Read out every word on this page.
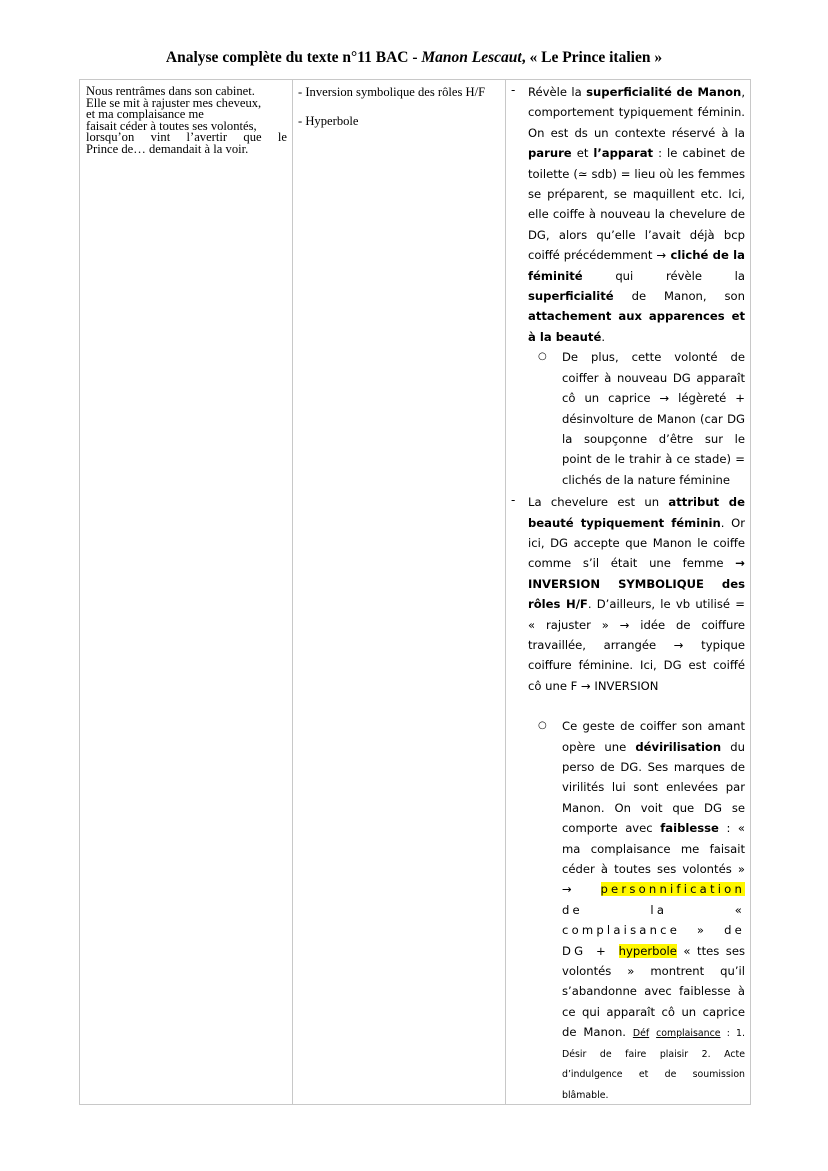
Analyse complète du texte n°11 BAC - Manon Lescaut, « Le Prince italien »
Nous rentrâmes dans son cabinet.
Elle se mit à rajuster mes cheveux,
et ma complaisance me
faisait céder à toutes ses volontés,
lorsqu’on vint l’avertir que le
Prince de… demandait à la voir.

- Inversion symbolique des rôles H/F
- Hyperbole

- Révèle la superficialité de Manon, comportement typiquement féminin. On est ds un contexte réservé à la parure et l’apparat : le cabinet de toilette (≃ sdb) = lieu où les femmes se préparent, se maquillent etc. Ici, elle coiffe à nouveau la chevelure de DG, alors qu’elle l’avait déjà bcp coiffé précédemment → cliché de la féminité qui révèle la superficialité de Manon, son attachement aux apparences et à la beauté.
○ De plus, cette volonté de coiffer à nouveau DG apparaît cô un caprice → légèreté + désinvolture de Manon (car DG la soupçonne d’être sur le point de le trahir à ce stade) = clichés de la nature féminine
- La chevelure est un attribut de beauté typiquement féminin. Or ici, DG accepte que Manon le coiffe comme s’il était une femme → INVERSION SYMBOLIQUE des rôles H/F. D’ailleurs, le vb utilisé = « rajuster » → idée de coiffure travaillée, arrangée → typique coiffure féminine. Ici, DG est coiffé cô une F → INVERSION
○ Ce geste de coiffer son amant opère une dévirilisation du perso de DG. Ses marques de virilités lui sont enlevées par Manon. On voit que DG se comporte avec faiblesse : « ma complaisance me faisait céder à toutes ses volontés » → personnification de la « complaisance » de DG + hyperbole « ttes ses volontés » montrent qu’il s’abandonne avec faiblesse à ce qui apparaît cô un caprice de Manon. Déf complaisance : 1. Désir de faire plaisir 2. Acte d’indulgence et de soumission blâmable.
